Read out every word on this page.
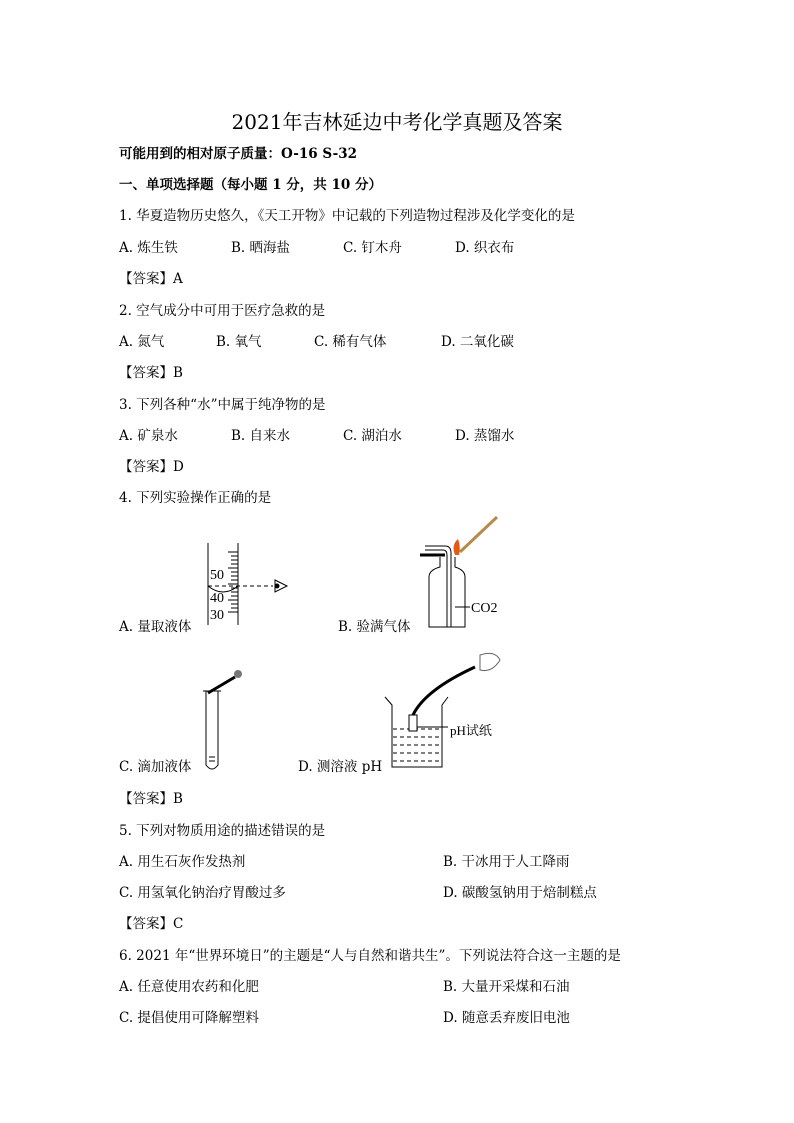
2021年吉林延边中考化学真题及答案
可能用到的相对原子质量：O-16 S-32
一、单项选择题（每小题 1 分，共 10 分）
1. 华夏造物历史悠久，《天工开物》中记载的下列造物过程涉及化学变化的是
A. 炼生铁	B. 晒海盐	C. 钉木舟	D. 织衣布
【答案】A
2. 空气成分中可用于医疗急救的是
A. 氮气	B. 氧气	C. 稀有气体	D. 二氧化碳
【答案】B
3. 下列各种“水”中属于纯净物的是
A. 矿泉水	B. 自来水	C. 湖泊水	D. 蒸馏水
【答案】D
4. 下列实验操作正确的是
50
40
30
A. 量取液体
CO2
B. 验满气体
C. 滴加液体
pH试纸
D. 测溶液 pH
【答案】B
5. 下列对物质用途的描述错误的是
A. 用生石灰作发热剂	B. 干冰用于人工降雨
C. 用氢氧化钠治疗胃酸过多	D. 碳酸氢钠用于焙制糕点
【答案】C
6. 2021 年“世界环境日”的主题是“人与自然和谐共生”。下列说法符合这一主题的是
A. 任意使用农药和化肥	B. 大量开采煤和石油
C. 提倡使用可降解塑料	D. 随意丢弃废旧电池
